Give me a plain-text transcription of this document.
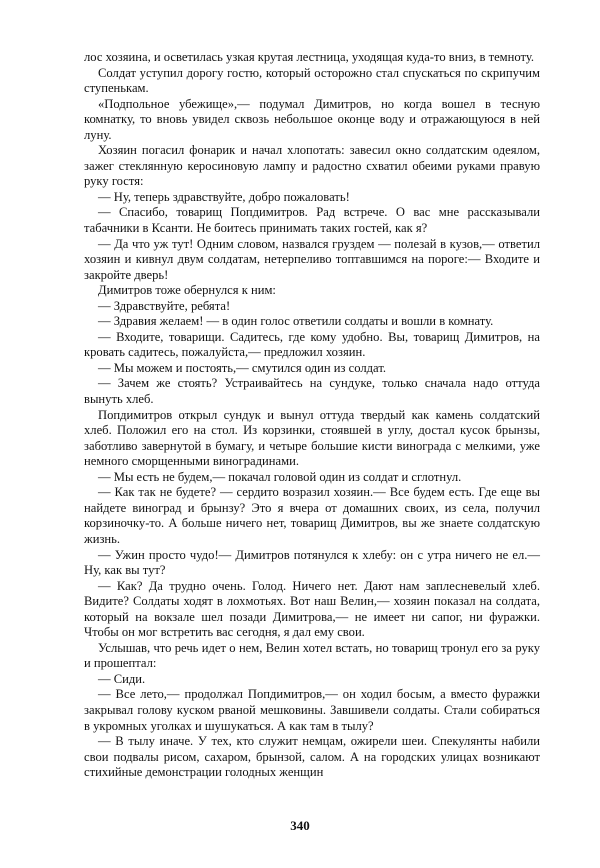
лос хозяина, и осветилась узкая крутая лестница, уходящая куда-то вниз, в темноту.

Солдат уступил дорогу гостю, который осторожно стал спускаться по скрипучим ступенькам.

«Подпольное убежище»,— подумал Димитров, но когда вошел в тесную комнатку, то вновь увидел сквозь небольшое оконце воду и отражающуюся в ней луну.

Хозяин погасил фонарик и начал хлопотать: завесил окно солдатским одеялом, зажег стеклянную керосиновую лампу и радостно схватил обеими руками правую руку гостя:

— Ну, теперь здравствуйте, добро пожаловать!

— Спасибо, товарищ Попдимитров. Рад встрече. О вас мне рассказывали табачники в Ксанти. Не боитесь принимать таких гостей, как я?

— Да что уж тут! Одним словом, назвался груздем — полезай в кузов,— ответил хозяин и кивнул двум солдатам, нетерпеливо топтавшимся на пороге:— Входите и закройте дверь!

Димитров тоже обернулся к ним:

— Здравствуйте, ребята!

— Здравия желаем! — в один голос ответили солдаты и вошли в комнату.

— Входите, товарищи. Садитесь, где кому удобно. Вы, товарищ Димитров, на кровать садитесь, пожалуйста,— предложил хозяин.

— Мы можем и постоять,— смутился один из солдат.

— Зачем же стоять? Устраивайтесь на сундуке, только сначала надо оттуда вынуть хлеб.

Попдимитров открыл сундук и вынул оттуда твердый как камень солдатский хлеб. Положил его на стол. Из корзинки, стоявшей в углу, достал кусок брынзы, заботливо завернутой в бумагу, и четыре большие кисти винограда с мелкими, уже немного сморщенными виноградинами.

— Мы есть не будем,— покачал головой один из солдат и сглотнул.

— Как так не будете? — сердито возразил хозяин.— Все будем есть. Где еще вы найдете виноград и брынзу? Это я вчера от домашних своих, из села, получил корзиночку-то. А больше ничего нет, товарищ Димитров, вы же знаете солдатскую жизнь.

— Ужин просто чудо!— Димитров потянулся к хлебу: он с утра ничего не ел.— Ну, как вы тут?

— Как? Да трудно очень. Голод. Ничего нет. Дают нам заплесневелый хлеб. Видите? Солдаты ходят в лохмотьях. Вот наш Велин,— хозяин показал на солдата, который на вокзале шел позади Димитрова,— не имеет ни сапог, ни фуражки. Чтобы он мог встретить вас сегодня, я дал ему свои.

Услышав, что речь идет о нем, Велин хотел встать, но товарищ тронул его за руку и прошептал:

— Сиди.

— Все лето,— продолжал Попдимитров,— он ходил босым, а вместо фуражки закрывал голову куском рваной мешковины. Завшивели солдаты. Стали собираться в укромных уголках и шушукаться. А как там в тылу?

— В тылу иначе. У тех, кто служит немцам, ожирели шеи. Спекулянты набили свои подвалы рисом, сахаром, брынзой, салом. А на городских улицах возникают стихийные демонстрации голодных женщин

340
